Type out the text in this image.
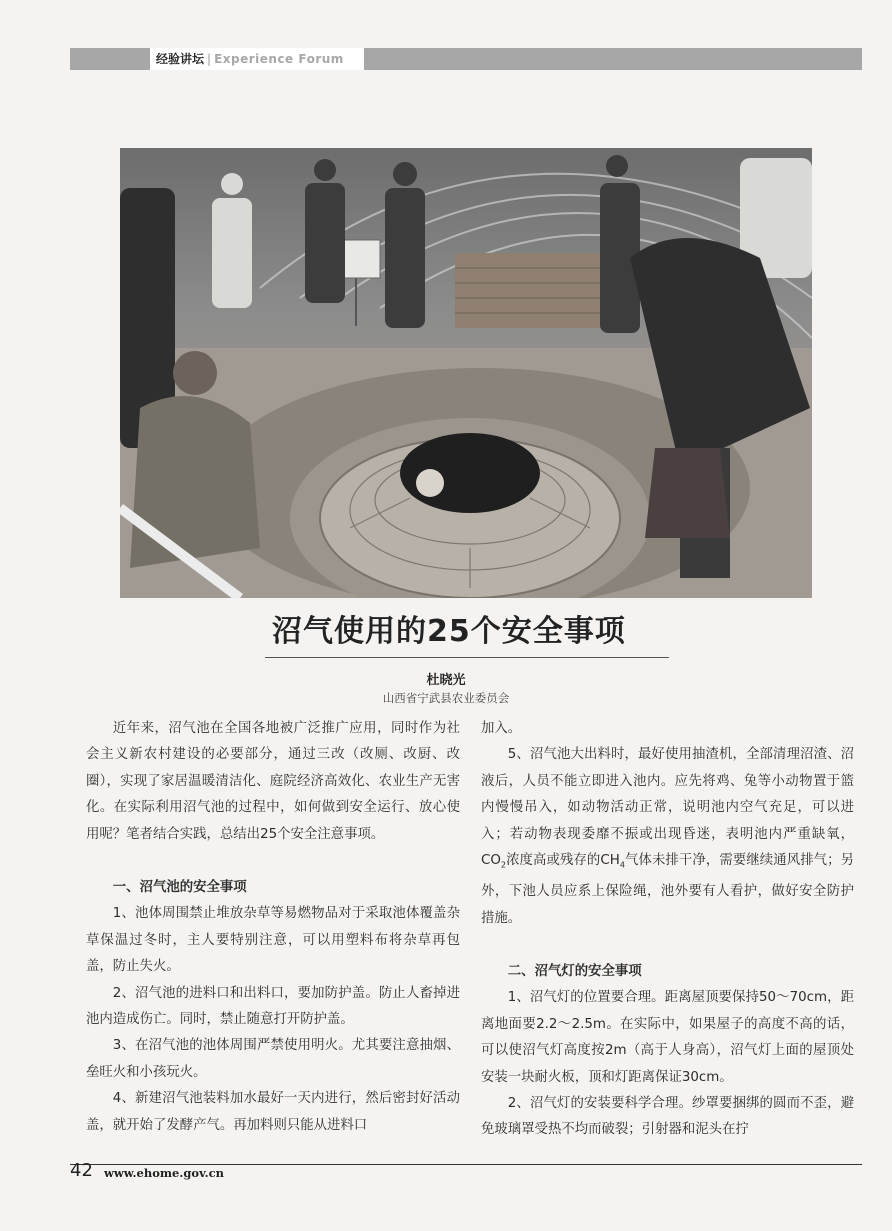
经验讲坛 | Experience Forum
沼气使用的25个安全事项
杜晓光
山西省宁武县农业委员会

近年来，沼气池在全国各地被广泛推广应用，同时作为社会主义新农村建设的必要部分，通过三改（改厕、改厨、改圈），实现了家居温暖清洁化、庭院经济高效化、农业生产无害化。在实际利用沼气池的过程中，如何做到安全运行、放心使用呢？笔者结合实践，总结出25个安全注意事项。

一、沼气池的安全事项

1、池体周围禁止堆放杂草等易燃物品对于采取池体覆盖杂草保温过冬时，主人要特别注意，可以用塑料布将杂草再包盖，防止失火。

2、沼气池的进料口和出料口，要加防护盖。防止人畜掉进池内造成伤亡。同时，禁止随意打开防护盖。

3、在沼气池的池体周围严禁使用明火。尤其要注意抽烟、垒旺火和小孩玩火。

4、新建沼气池装料加水最好一天内进行，然后密封好活动盖，就开始了发酵产气。再加料则只能从进料口

加入。

5、沼气池大出料时，最好使用抽渣机，全部清理沼渣、沼液后，人员不能立即进入池内。应先将鸡、兔等小动物置于篮内慢慢吊入，如动物活动正常，说明池内空气充足，可以进入；若动物表现委靡不振或出现昏迷，表明池内严重缺氧，$CO_2$浓度高或残存的$CH_4$气体未排干净，需要继续通风排气；另外，下池人员应系上保险绳，池外要有人看护，做好安全防护措施。

二、沼气灯的安全事项

1、沼气灯的位置要合理。距离屋顶要保持50～70cm，距离地面要2.2～2.5m。在实际中，如果屋子的高度不高的话，可以使沼气灯高度按2m（高于人身高），沼气灯上面的屋顶处安装一块耐火板，顶和灯距离保证30cm。

2、沼气灯的安装要科学合理。纱罩要捆绑的圆而不歪，避免玻璃罩受热不均而破裂；引射器和泥头在拧

42 www.ehome.gov.cn
